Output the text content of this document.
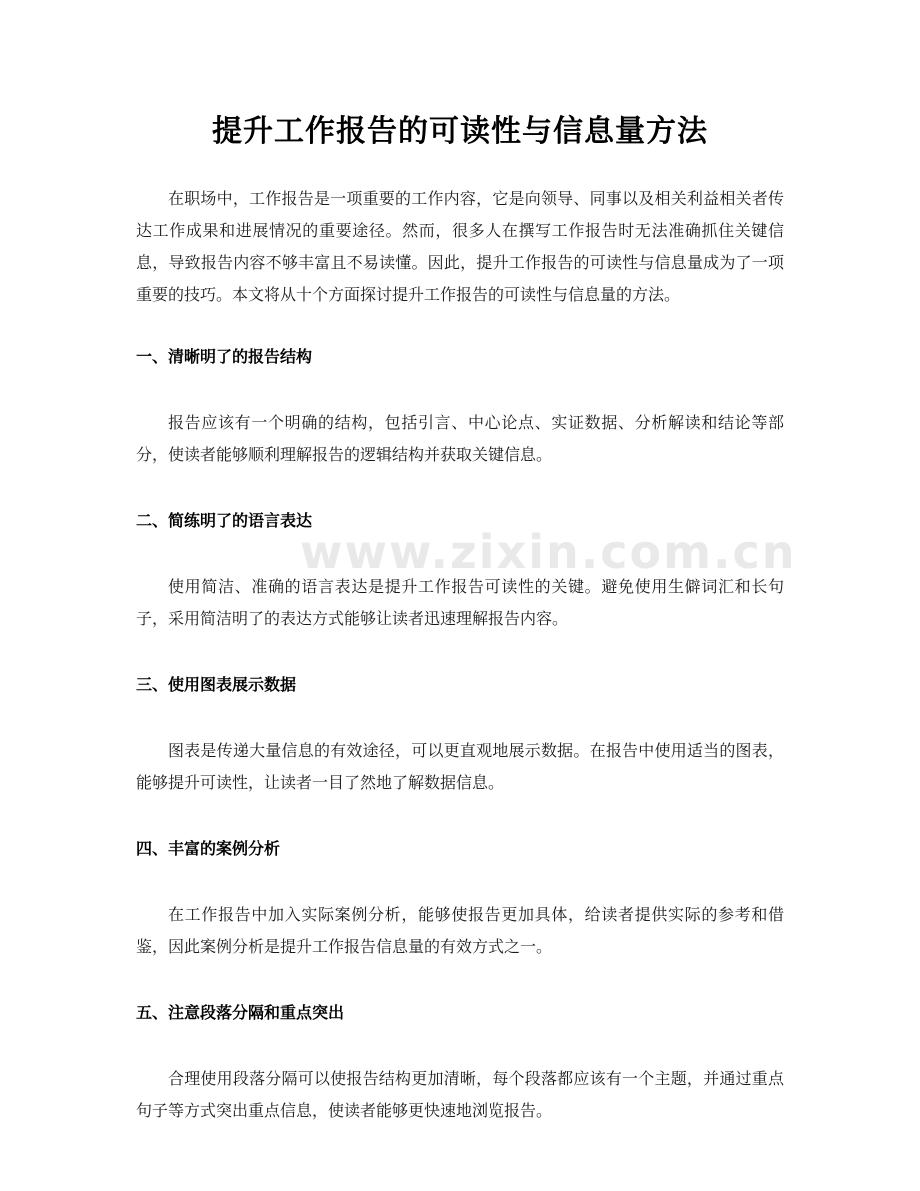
www.zixin.com.cn
提升工作报告的可读性与信息量方法

在职场中，工作报告是一项重要的工作内容，它是向领导、同事以及相关利益相关者传达工作成果和进展情况的重要途径。然而，很多人在撰写工作报告时无法准确抓住关键信息，导致报告内容不够丰富且不易读懂。因此，提升工作报告的可读性与信息量成为了一项重要的技巧。本文将从十个方面探讨提升工作报告的可读性与信息量的方法。

一、清晰明了的报告结构

报告应该有一个明确的结构，包括引言、中心论点、实证数据、分析解读和结论等部分，使读者能够顺利理解报告的逻辑结构并获取关键信息。

二、简练明了的语言表达

使用简洁、准确的语言表达是提升工作报告可读性的关键。避免使用生僻词汇和长句子，采用简洁明了的表达方式能够让读者迅速理解报告内容。

三、使用图表展示数据

图表是传递大量信息的有效途径，可以更直观地展示数据。在报告中使用适当的图表，能够提升可读性，让读者一目了然地了解数据信息。

四、丰富的案例分析

在工作报告中加入实际案例分析，能够使报告更加具体，给读者提供实际的参考和借鉴，因此案例分析是提升工作报告信息量的有效方式之一。

五、注意段落分隔和重点突出

合理使用段落分隔可以使报告结构更加清晰，每个段落都应该有一个主题，并通过重点句子等方式突出重点信息，使读者能够更快速地浏览报告。
